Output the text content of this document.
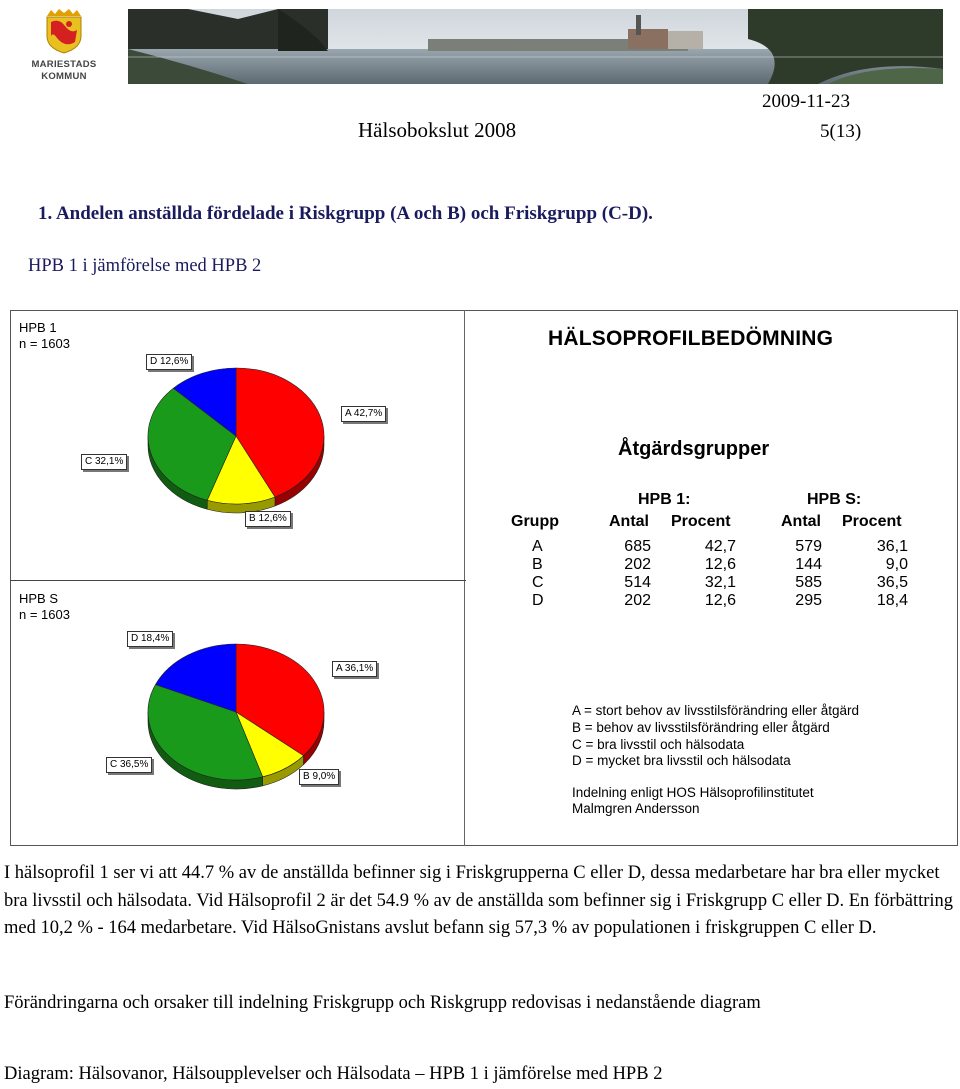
MARIESTADS
KOMMUN
2009-11-23
Hälsobokslut 2008	5(13)
1. Andelen anställda fördelade i Riskgrupp (A och B) och Friskgrupp (C-D).
HPB 1 i jämförelse med HPB 2
HPB 1
n = 1603
D 12,6%
A 42,7%
C 32,1%
B 12,6%
HPB S
n = 1603
D 18,4%
A 36,1%
C 36,5%
B 9,0%
HÄLSOPROFILBEDÖMNING
Åtgärdsgrupper
HPB 1:	HPB S:
Grupp	Antal Procent	Antal Procent
A	685	42,7	579	36,1
B	202	12,6	144	9,0
C	514	32,1	585	36,5
D	202	12,6	295	18,4
A = stort behov av livsstilsförändring eller åtgärd
B = behov av livsstilsförändring eller åtgärd
C = bra livsstil och hälsodata
D = mycket bra livsstil och hälsodata
Indelning enligt HOS Hälsoprofilinstitutet
Malmgren Andersson
I hälsoprofil 1 ser vi att 44.7 % av de anställda befinner sig i Friskgrupperna C eller D, dessa medarbetare har bra eller mycket bra livsstil och hälsodata. Vid Hälsoprofil 2 är det 54.9 % av de anställda som befinner sig i Friskgrupp C eller D. En förbättring med 10,2 % - 164 medarbetare. Vid HälsoGnistans avslut befann sig 57,3 % av populationen i friskgruppen C eller D.
Förändringarna och orsaker till indelning Friskgrupp och Riskgrupp redovisas i nedanstående diagram
Diagram: Hälsovanor, Hälsoupplevelser och Hälsodata – HPB 1 i jämförelse med HPB 2
